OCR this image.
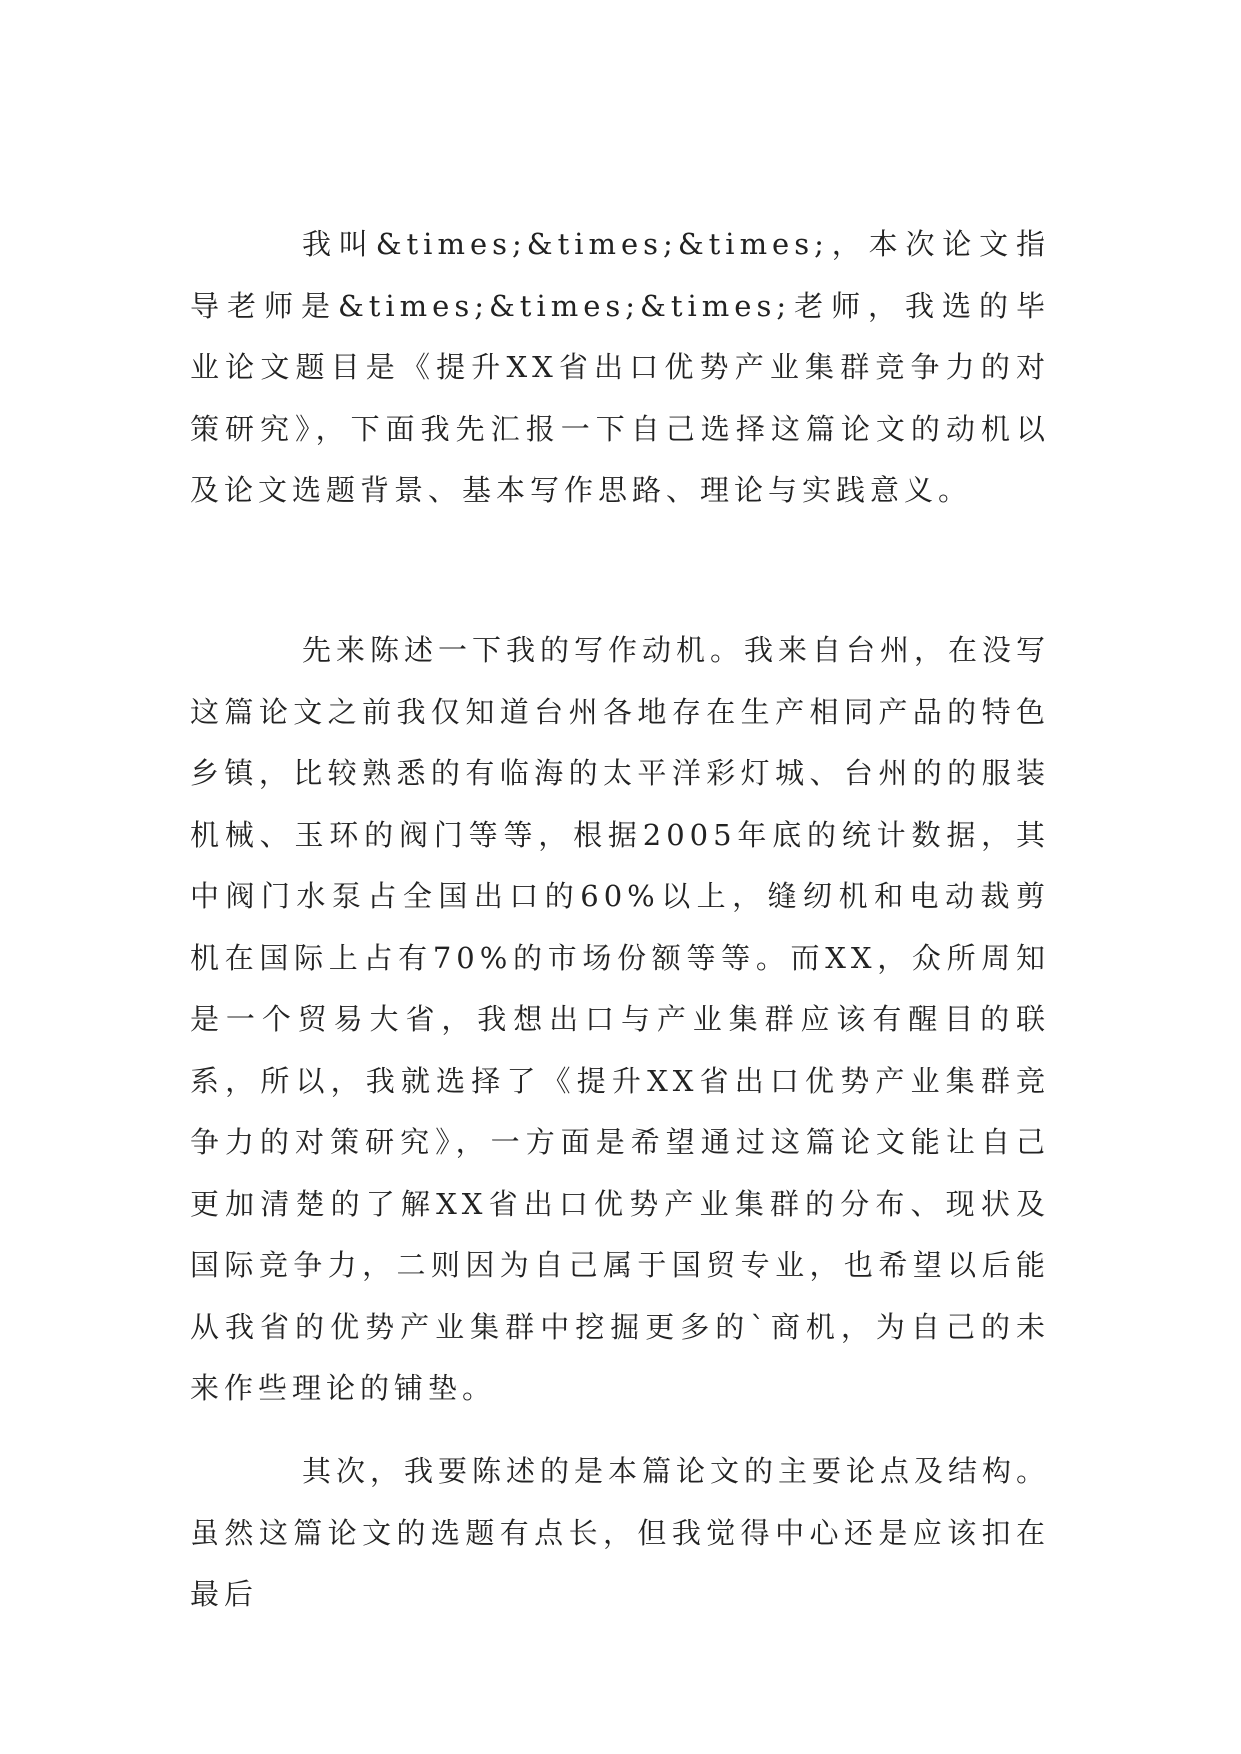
我叫&times;&times;&times;，本次论文指导老师是&times;&times;&times;老师，我选的毕业论文题目是《提升XX省出口优势产业集群竞争力的对策研究》，下面我先汇报一下自己选择这篇论文的动机以及论文选题背景、基本写作思路、理论与实践意义。

先来陈述一下我的写作动机。我来自台州，在没写这篇论文之前我仅知道台州各地存在生产相同产品的特色乡镇，比较熟悉的有临海的太平洋彩灯城、台州的的服装机械、玉环的阀门等等，根据2005年底的统计数据，其中阀门水泵占全国出口的60%以上，缝纫机和电动裁剪机在国际上占有70%的市场份额等等。而XX，众所周知是一个贸易大省，我想出口与产业集群应该有醒目的联系，所以，我就选择了《提升XX省出口优势产业集群竞争力的对策研究》，一方面是希望通过这篇论文能让自己更加清楚的了解XX省出口优势产业集群的分布、现状及国际竞争力，二则因为自己属于国贸专业，也希望以后能从我省的优势产业集群中挖掘更多的`商机，为自己的未来作些理论的铺垫。

其次，我要陈述的是本篇论文的主要论点及结构。虽然这篇论文的选题有点长，但我觉得中心还是应该扣在最后
